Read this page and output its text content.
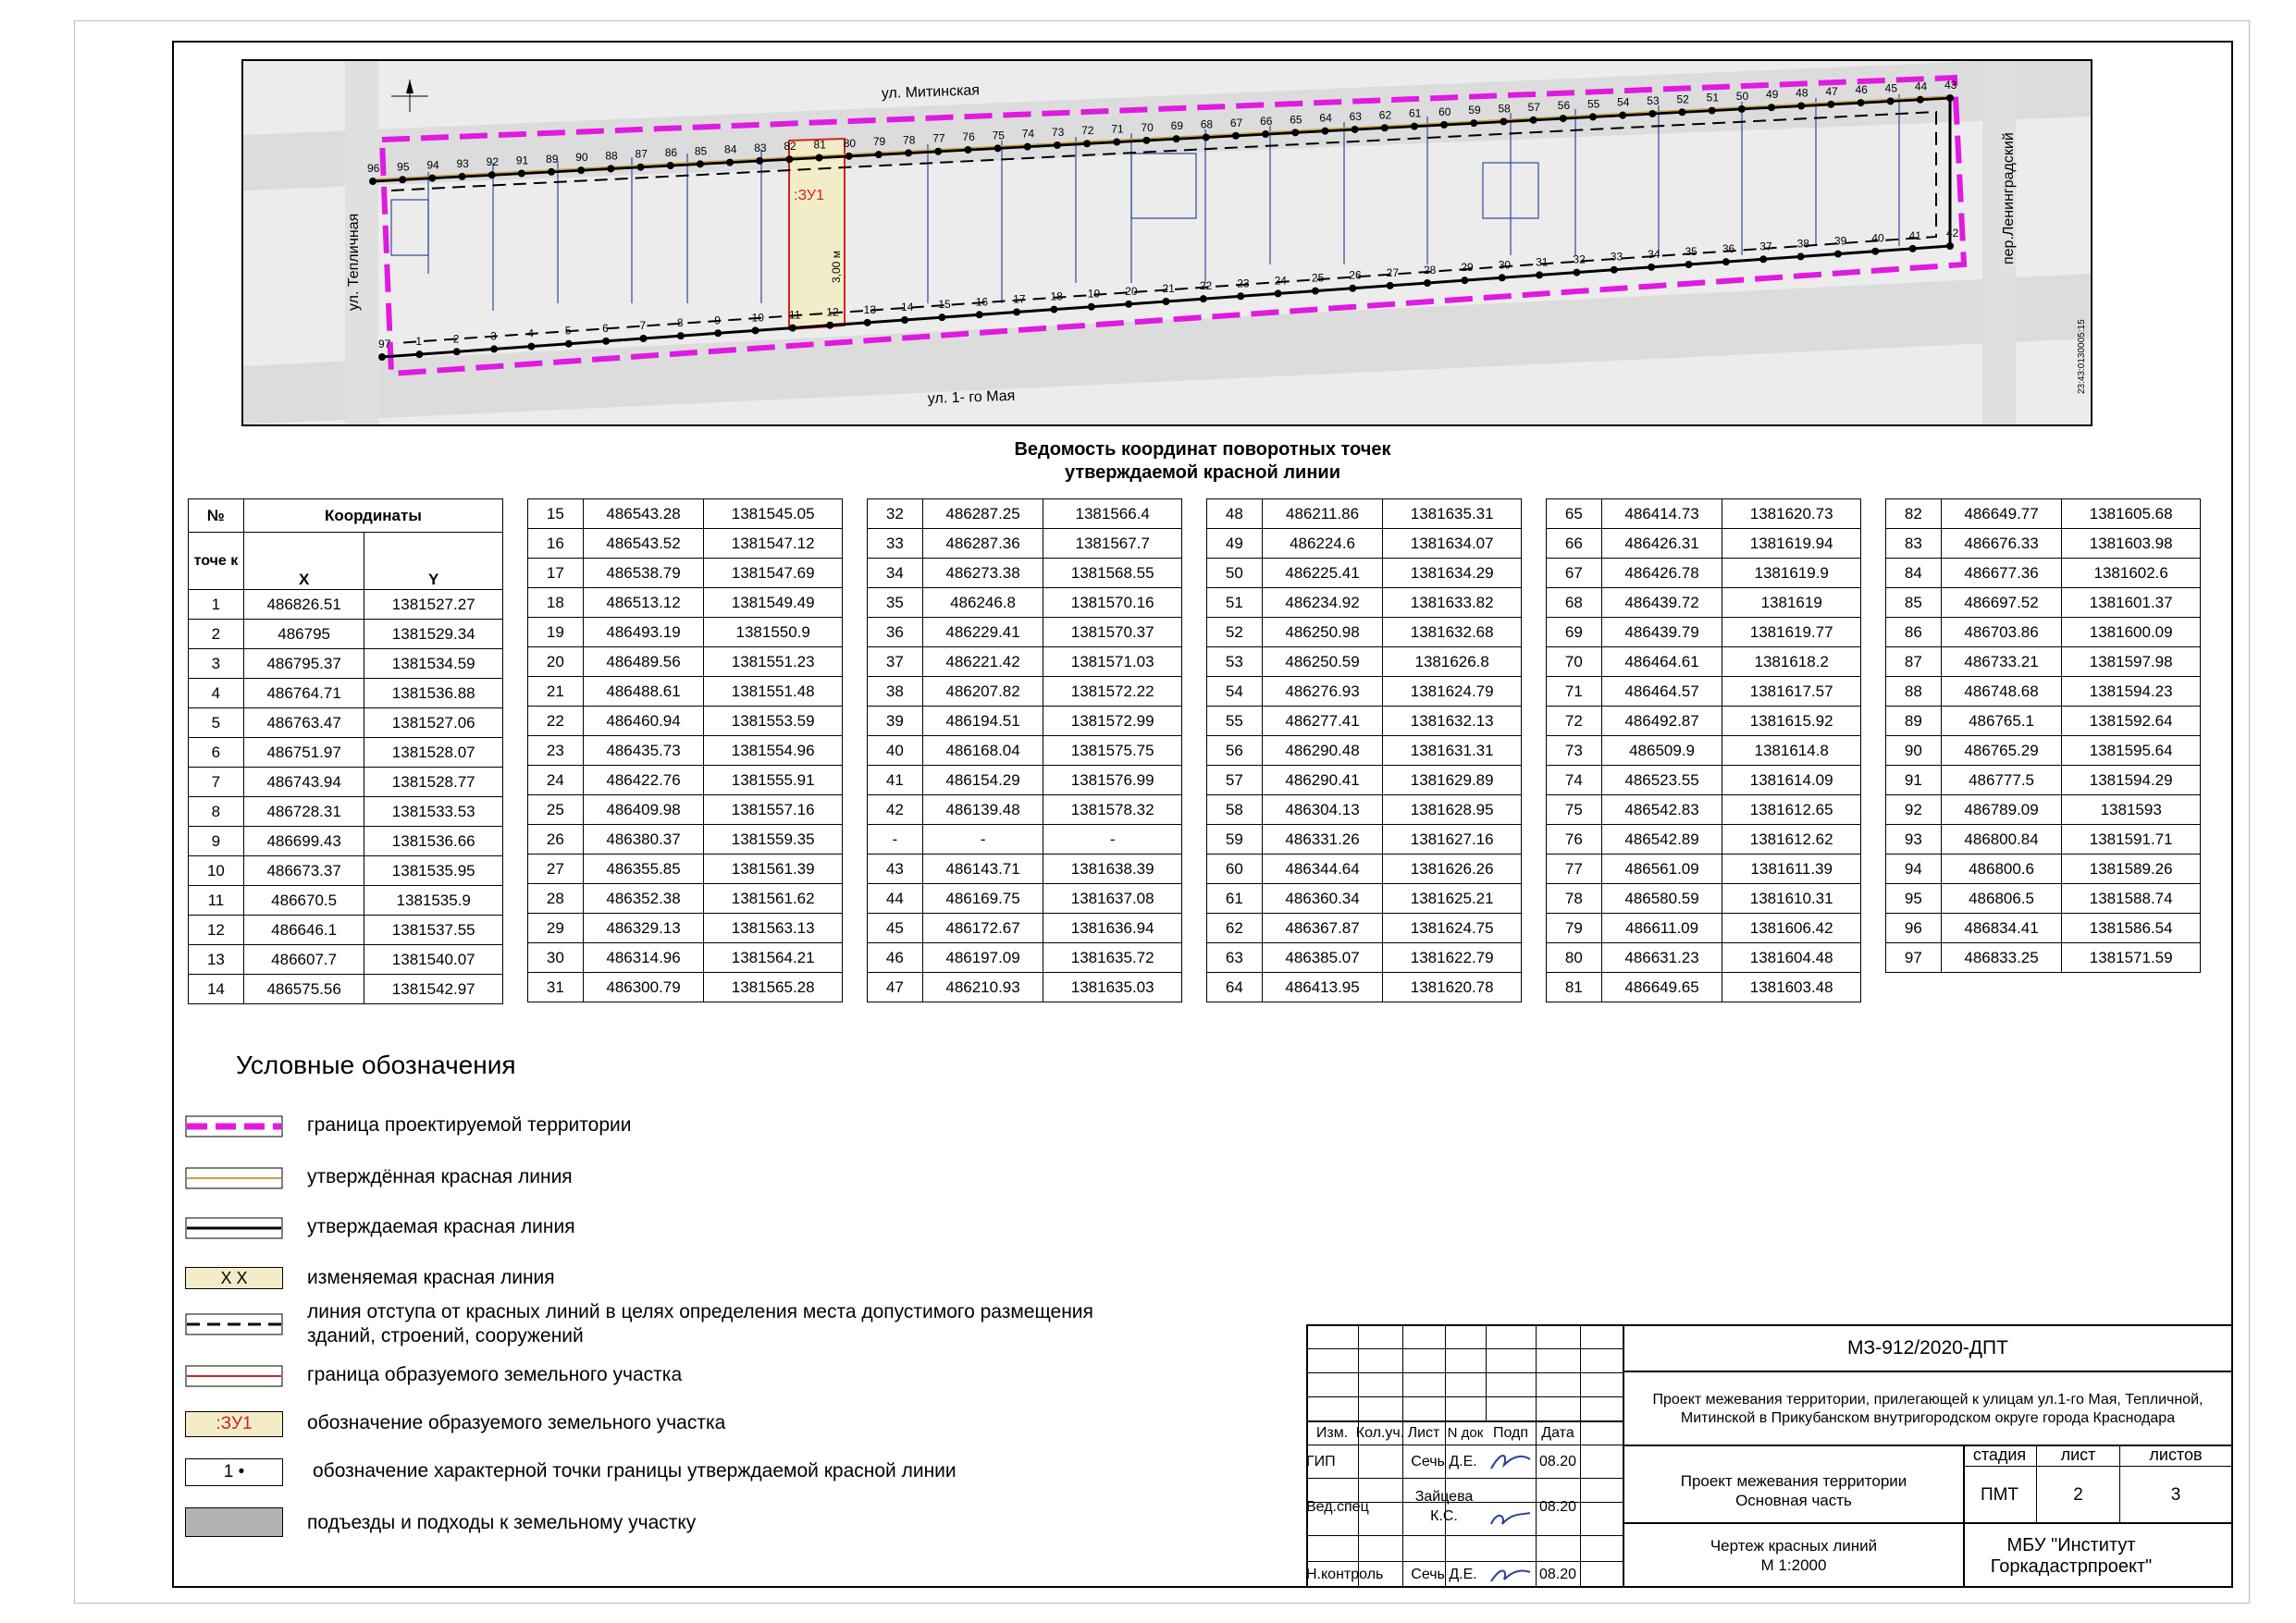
ул. Митинская
ул. 1- го Мая
ул. Тепличная	пер.Ленинградский
:ЗУ1
3,00 м
23:43:0130005:15
96 95 94 93 92 91 89 90 88 87 86 85 84 83 82 81 80 79 78 77 76 75 74 73 72 71 70 69 68 67 66 65 64 63 62 61 60 59 58 57 56 55 54 53 52 51 50 49 48 47 46 45 44 43
97 1	2	3	4	5	6	7	8	9	10 11 12 13 14 15 16 17 18 19 20 21 22 23 24 25 26 27 28 29 30 31 32 33 34 35 36 37 38 39 40 41 42
Ведомость координат поворотных точек
утверждаемой красной линии
№	Координаты	
точе к	X	Y
1	486826.51	1381527.27
2	486795	1381529.34
3	486795.37	1381534.59
4	486764.71	1381536.88
5	486763.47	1381527.06
6	486751.97	1381528.07
7	486743.94	1381528.77
8	486728.31	1381533.53
9	486699.43	1381536.66
10	486673.37	1381535.95
11	486670.5	1381535.9
12	486646.1	1381537.55
13	486607.7	1381540.07
14	486575.56	1381542.97
15	486543.28	1381545.05
16	486543.52	1381547.12
17	486538.79	1381547.69
18	486513.12	1381549.49
19	486493.19	1381550.9
20	486489.56	1381551.23
21	486488.61	1381551.48
22	486460.94	1381553.59
23	486435.73	1381554.96
24	486422.76	1381555.91
25	486409.98	1381557.16
26	486380.37	1381559.35
27	486355.85	1381561.39
28	486352.38	1381561.62
29	486329.13	1381563.13
30	486314.96	1381564.21
31	486300.79	1381565.28
32	486287.25	1381566.4
33	486287.36	1381567.7
34	486273.38	1381568.55
35	486246.8	1381570.16
36	486229.41	1381570.37
37	486221.42	1381571.03
38	486207.82	1381572.22
39	486194.51	1381572.99
40	486168.04	1381575.75
41	486154.29	1381576.99
42	486139.48	1381578.32
-	-	-
43	486143.71	1381638.39
44	486169.75	1381637.08
45	486172.67	1381636.94
46	486197.09	1381635.72
47	486210.93	1381635.03
48	486211.86	1381635.31
49	486224.6	1381634.07
50	486225.41	1381634.29
51	486234.92	1381633.82
52	486250.98	1381632.68
53	486250.59	1381626.8
54	486276.93	1381624.79
55	486277.41	1381632.13
56	486290.48	1381631.31
57	486290.41	1381629.89
58	486304.13	1381628.95
59	486331.26	1381627.16
60	486344.64	1381626.26
61	486360.34	1381625.21
62	486367.87	1381624.75
63	486385.07	1381622.79
64	486413.95	1381620.78
65	486414.73	1381620.73
66	486426.31	1381619.94
67	486426.78	1381619.9
68	486439.72	1381619
69	486439.79	1381619.77
70	486464.61	1381618.2
71	486464.57	1381617.57
72	486492.87	1381615.92
73	486509.9	1381614.8
74	486523.55	1381614.09
75	486542.83	1381612.65
76	486542.89	1381612.62
77	486561.09	1381611.39
78	486580.59	1381610.31
79	486611.09	1381606.42
80	486631.23	1381604.48
81	486649.65	1381603.48
82	486649.77	1381605.68
83	486676.33	1381603.98
84	486677.36	1381602.6
85	486697.52	1381601.37
86	486703.86	1381600.09
87	486733.21	1381597.98
88	486748.68	1381594.23
89	486765.1	1381592.64
90	486765.29	1381595.64
91	486777.5	1381594.29
92	486789.09	1381593
93	486800.84	1381591.71
94	486800.6	1381589.26
95	486806.5	1381588.74
96	486834.41	1381586.54
97	486833.25	1381571.59
Условные обозначения
граница проектируемой территории
утверждённая красная линия
утверждаемая красная линия
X X	изменяемая красная линия
линия отступа от красных линий в целях определения места допустимого размещения зданий, строений, сооружений
граница образуемого земельного участка
:ЗУ1	обозначение образуемого земельного участка
1 •	обозначение характерной точки границы утверждаемой красной линии
подъезды и подходы к земельному участку
Изм. Кол.уч. Лист N док Подп Дата
ГИП	Сечь Д.Е.	08.20
Вед.спец
Зайцева К.С.
08.20
Н.контроль	Сечь Д.Е.	08.20
МЗ-912/2020-ДПТ
Проект межевания территории, прилегающей к улицам ул.1-го Мая, Тепличной, Митинской в Прикубанском внутригородском округе города Краснодара
Проект межевания территории Основная часть
Чертеж красных линий М 1:2000
стадия	лист	листов
ПМТ	2	3
МБУ "Институт Горкадастрпроект"
